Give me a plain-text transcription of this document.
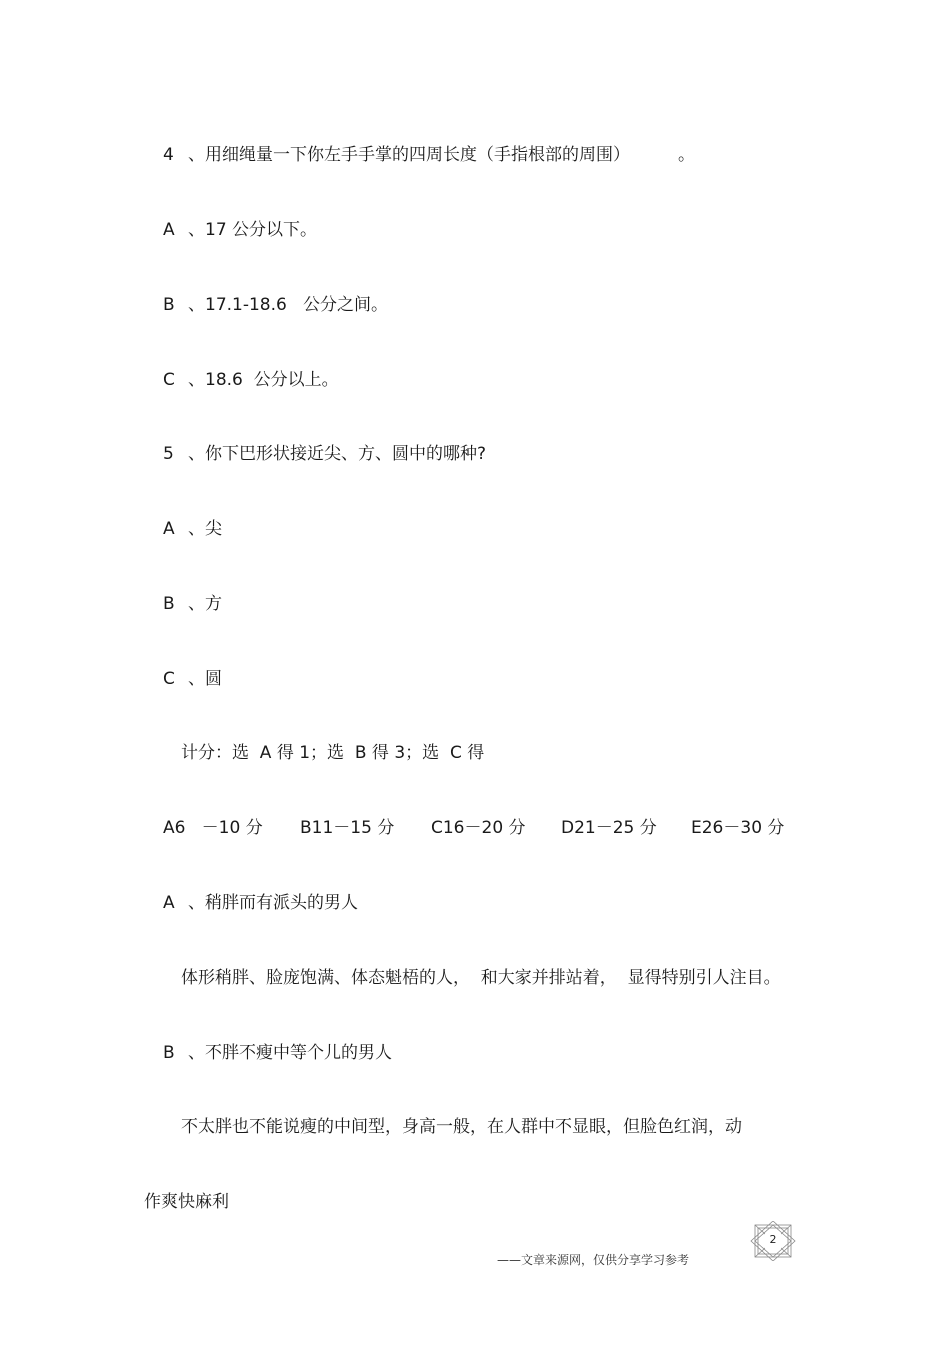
4 、用细绳量一下你左手手掌的四周长度（手指根部的周围）	。
A 、17 公分以下。
B 、17.1-18.6   公分之间。
C 、18.6  公分以上。
5 、你下巴形状接近尖、方、圆中的哪种?
A 、尖
B 、方
C 、圆
计分：选  A 得 1；选  B 得 3；选  C 得
A6   －10 分 B11－15 分 C16－20 分 D21－25 分 E26－30 分
A 、稍胖而有派头的男人
体形稍胖、脸庞饱满、体态魁梧的人，  和大家并排站着，  显得特别引人注目。
B 、不胖不瘦中等个儿的男人
不太胖也不能说瘦的中间型，身高一般，在人群中不显眼，但脸色红润，动
作爽快麻利
——文章来源网，仅供分享学习参考
2
